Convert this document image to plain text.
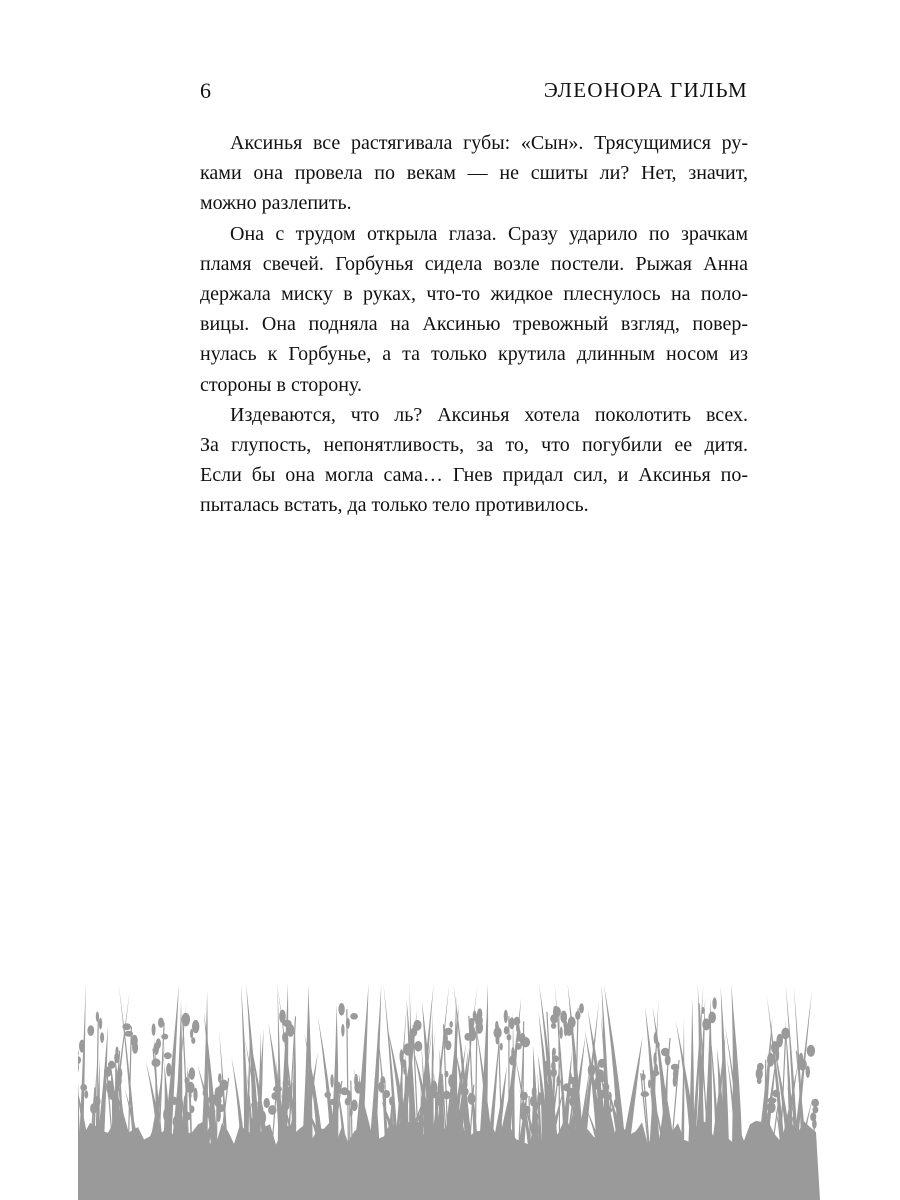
6	ЭЛЕОНОРА ГИЛЬМ
Аксинья все растягивала губы: «Сын». Трясущимися ру-
ками она провела по векам — не сшиты ли? Нет, значит,
можно разлепить.
Она с трудом открыла глаза. Сразу ударило по зрачкам
пламя свечей. Горбунья сидела возле постели. Рыжая Анна
держала миску в руках, что-то жидкое плеснулось на поло-
вицы. Она подняла на Аксинью тревожный взгляд, повер-
нулась к Горбунье, а та только крутила длинным носом из
стороны в сторону.
Издеваются, что ль? Аксинья хотела поколотить всех.
За глупость, непонятливость, за то, что погубили ее дитя.
Если бы она могла сама… Гнев придал сил, и Аксинья по-
пыталась встать, да только тело противилось.
